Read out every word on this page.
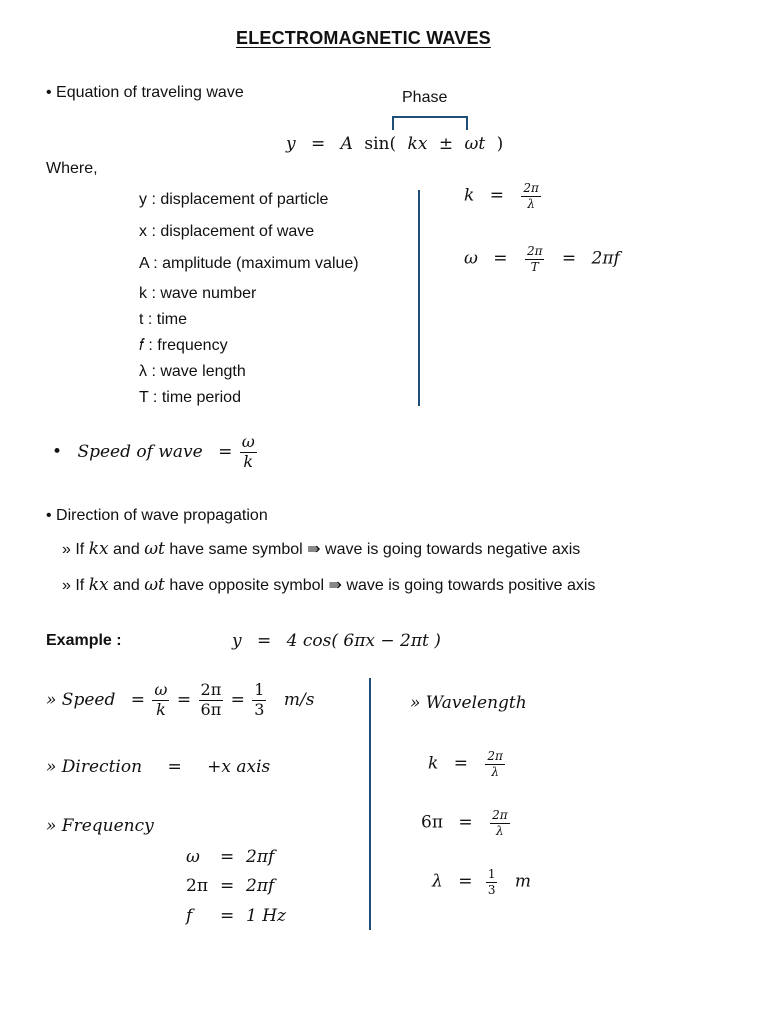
ELECTROMAGNETIC WAVES
• Equation of traveling wave	Phase
y = A sin( kx ± ωt )
Where,
y : displacement of particle
x : displacement of wave
A : amplitude (maximum value)
k : wave number
t : time
𝑓 : frequency
λ : wave length
T : time period
$k = \frac{2\pi}{\lambda}$
$\omega = \frac{2\pi}{T} = 2\pi f$
• Speed of wave = $\frac{\omega}{k}$
• Direction of wave propagation
» If kx and ωt have same symbol ⇛ wave is going towards negative axis
» If kx and ωt have opposite symbol ⇛ wave is going towards positive axis
Example :	y = 4 cos( 6πx − 2πt )
» Speed = $\frac{\omega}{k} = \frac{2\pi}{6\pi} = \frac{1}{3} m/s$
» Direction = +x axis
» Frequency
ω = 2πf
2π = 2πf
f = 1 Hz
» Wavelength
$k = \frac{2\pi}{\lambda}$
$6\pi = \frac{2\pi}{\lambda}$
$\lambda = \frac{1}{3}$ m
